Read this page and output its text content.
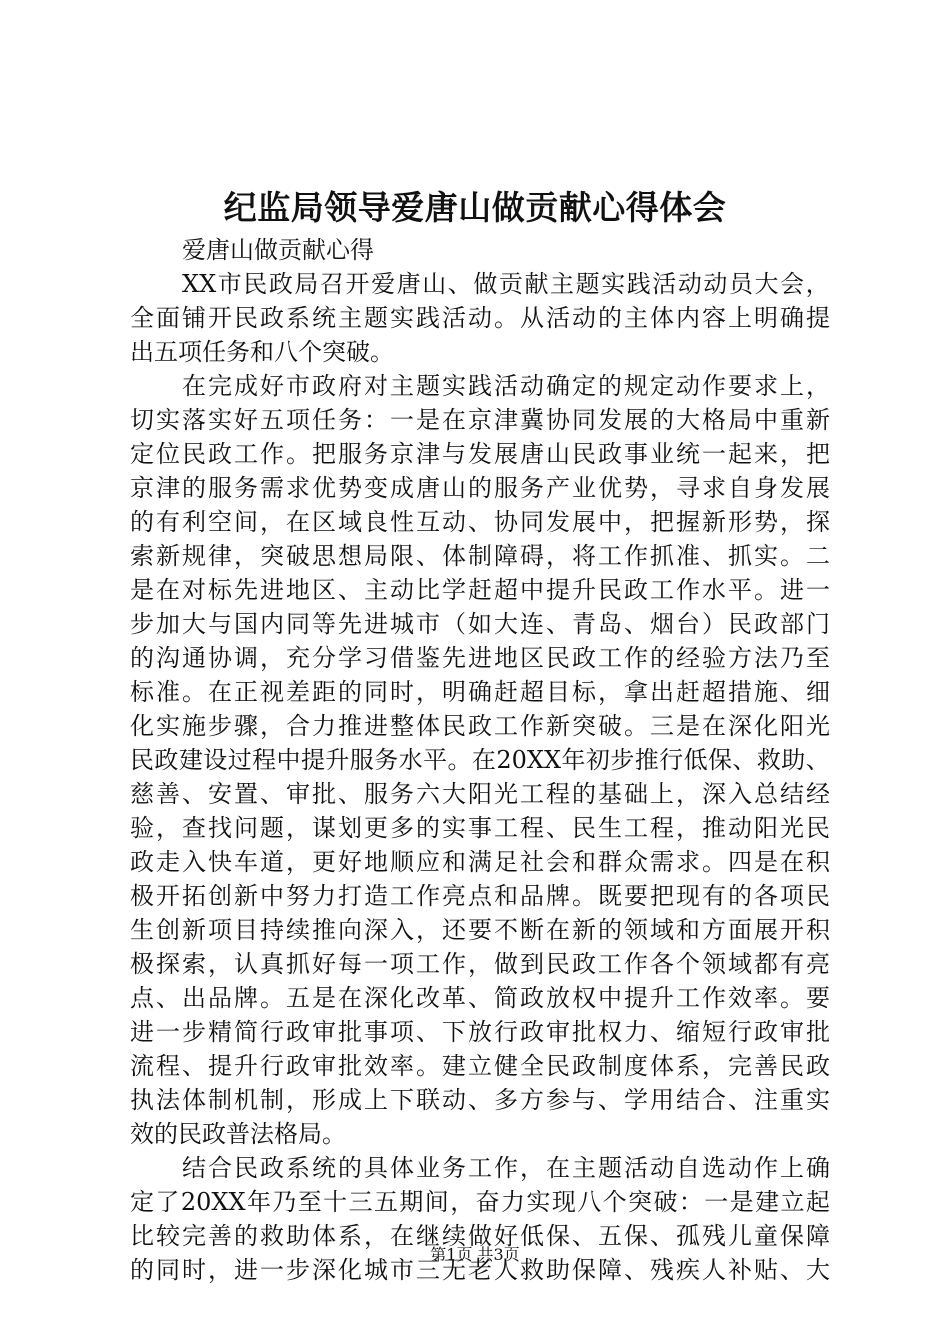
纪监局领导爱唐山做贡献心得体会
爱唐山做贡献心得
XX 市 民 政 局 召 开 爱 唐 山 、 做 贡 献 主 题 实 践 活 动 动 员 大 会 ，
全 面 铺 开 民 政 系 统 主 题 实 践 活 动 。 从 活 动 的 主 体 内 容 上 明 确 提
出五项任务和八个突破。
在 完 成 好 市 政 府 对 主 题 实 践 活 动 确 定 的 规 定 动 作 要 求 上 ，
切 实 落 实 好 五 项 任 务 ： 一 是 在 京 津 冀 协 同 发 展 的 大 格 局 中 重 新
定 位 民 政 工 作 。 把 服 务 京 津 与 发 展 唐 山 民 政 事 业 统 一 起 来 ， 把
京 津 的 服 务 需 求 优 势 变 成 唐 山 的 服 务 产 业 优 势 ， 寻 求 自 身 发 展
的 有 利 空 间 ， 在 区 域 良 性 互 动 、 协 同 发 展 中 ， 把 握 新 形 势 ， 探
索 新 规 律 ， 突 破 思 想 局 限 、 体 制 障 碍 ， 将 工 作 抓 准 、 抓 实 。 二
是 在 对 标 先 进 地 区 、 主 动 比 学 赶 超 中 提 升 民 政 工 作 水 平 。 进 一
步 加 大 与 国 内 同 等 先 进 城 市 （ 如 大 连 、 青 岛 、 烟 台 ） 民 政 部 门
的 沟 通 协 调 ， 充 分 学 习 借 鉴 先 进 地 区 民 政 工 作 的 经 验 方 法 乃 至
标 准 。 在 正 视 差 距 的 同 时 ， 明 确 赶 超 目 标 ， 拿 出 赶 超 措 施 、 细
化 实 施 步 骤 ， 合 力 推 进 整 体 民 政 工 作 新 突 破 。 三 是 在 深 化 阳 光
民 政 建 设 过 程 中 提 升 服 务 水 平 。 在 20XX 年 初 步 推 行 低 保 、 救 助 、
慈 善 、 安 置 、 审 批 、 服 务 六 大 阳 光 工 程 的 基 础 上 ， 深 入 总 结 经
验 ， 查 找 问 题 ， 谋 划 更 多 的 实 事 工 程 、 民 生 工 程 ， 推 动 阳 光 民
政 走 入 快 车 道 ， 更 好 地 顺 应 和 满 足 社 会 和 群 众 需 求 。 四 是 在 积
极 开 拓 创 新 中 努 力 打 造 工 作 亮 点 和 品 牌 。 既 要 把 现 有 的 各 项 民
生 创 新 项 目 持 续 推 向 深 入 ， 还 要 不 断 在 新 的 领 域 和 方 面 展 开 积
极 探 索 ， 认 真 抓 好 每 一 项 工 作 ， 做 到 民 政 工 作 各 个 领 域 都 有 亮
点 、 出 品 牌 。 五 是 在 深 化 改 革 、 简 政 放 权 中 提 升 工 作 效 率 。 要
进 一 步 精 简 行 政 审 批 事 项 、 下 放 行 政 审 批 权 力 、 缩 短 行 政 审 批
流 程 、 提 升 行 政 审 批 效 率 。 建 立 健 全 民 政 制 度 体 系 ， 完 善 民 政
执 法 体 制 机 制 ， 形 成 上 下 联 动 、 多 方 参 与 、 学 用 结 合 、 注 重 实
效的民政普法格局。
结 合 民 政 系 统 的 具 体 业 务 工 作 ， 在 主 题 活 动 自 选 动 作 上 确
定 了 20XX 年 乃 至 十 三 五 期 间 ， 奋 力 实 现 八 个 突 破 ： 一 是 建 立 起
比 较 完 善 的 救 助 体 系 ， 在 继 续 做 好 低 保 、 五 保 、 孤 残 儿 童 保 障
的 同 时 ， 进 一 步 深 化 城 市 三 无 老 人 救 助 保 障 、 残 疾 人 补 贴 、 大
第1页 共3页
